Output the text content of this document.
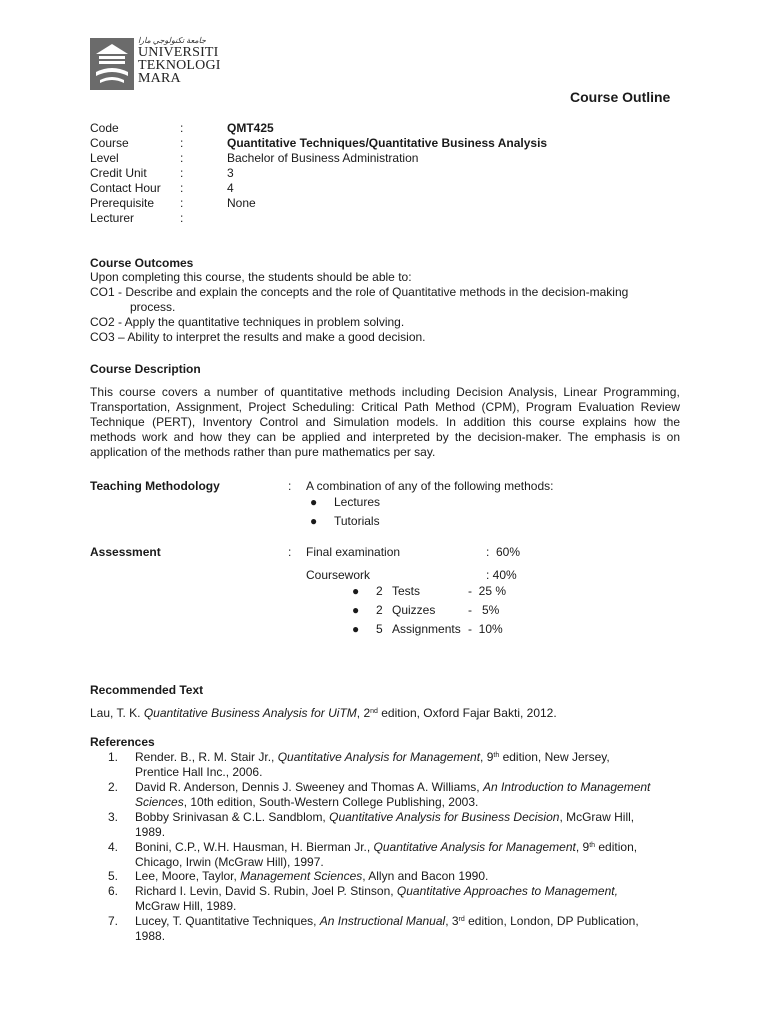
ﺟﺎﻣﻌﺔ ﺗﻜﻨﻮﻟﻮﺟﻲ ﻣﺎرا
UNIVERSITI
TEKNOLOGI
MARA
Course Outline
Code	:	QMT425
Course	:	Quantitative Techniques/Quantitative Business Analysis
Level	:	Bachelor of Business Administration
Credit Unit	:	3
Contact Hour	:	4
Prerequisite	:	None
Lecturer	:
Course Outcomes
Upon completing this course, the students should be able to:
CO1 - Describe and explain the concepts and the role of Quantitative methods in the decision-making
process.
CO2 - Apply the quantitative techniques in problem solving.
CO3 – Ability to interpret the results and make a good decision.
Course Description
This course covers a number of quantitative methods including Decision Analysis, Linear Programming,
Transportation, Assignment, Project Scheduling: Critical Path Method (CPM), Program Evaluation Review
Technique (PERT), Inventory Control and Simulation models. In addition this course explains how the
methods work and how they can be applied and interpreted by the decision-maker. The emphasis is on
application of the methods rather than pure mathematics per say.
Teaching Methodology	: A combination of any of the following methods:
● Lectures
● Tutorials
Assessment	: Final examination	:  60%
Coursework	: 40%
● 2 Tests	-  25 %
● 2 Quizzes	-   5%
● 5 Assignments -  10%
Recommended Text
Lau, T. K. Quantitative Business Analysis for UiTM, 2nd edition, Oxford Fajar Bakti, 2012.
References
1. Render. B., R. M. Stair Jr., Quantitative Analysis for Management, 9th edition, New Jersey,
Prentice Hall Inc., 2006.
2. David R. Anderson, Dennis J. Sweeney and Thomas A. Williams, An Introduction to Management
Sciences, 10th edition, South-Western College Publishing, 2003.
3. Bobby Srinivasan & C.L. Sandblom, Quantitative Analysis for Business Decision, McGraw Hill,
1989.
4. Bonini, C.P., W.H. Hausman, H. Bierman Jr., Quantitative Analysis for Management, 9th edition,
Chicago, Irwin (McGraw Hill), 1997.
5. Lee, Moore, Taylor, Management Sciences, Allyn and Bacon 1990.
6. Richard I. Levin, David S. Rubin, Joel P. Stinson, Quantitative Approaches to Management,
McGraw Hill, 1989.
7. Lucey, T. Quantitative Techniques, An Instructional Manual, 3rd edition, London, DP Publication,
1988.
